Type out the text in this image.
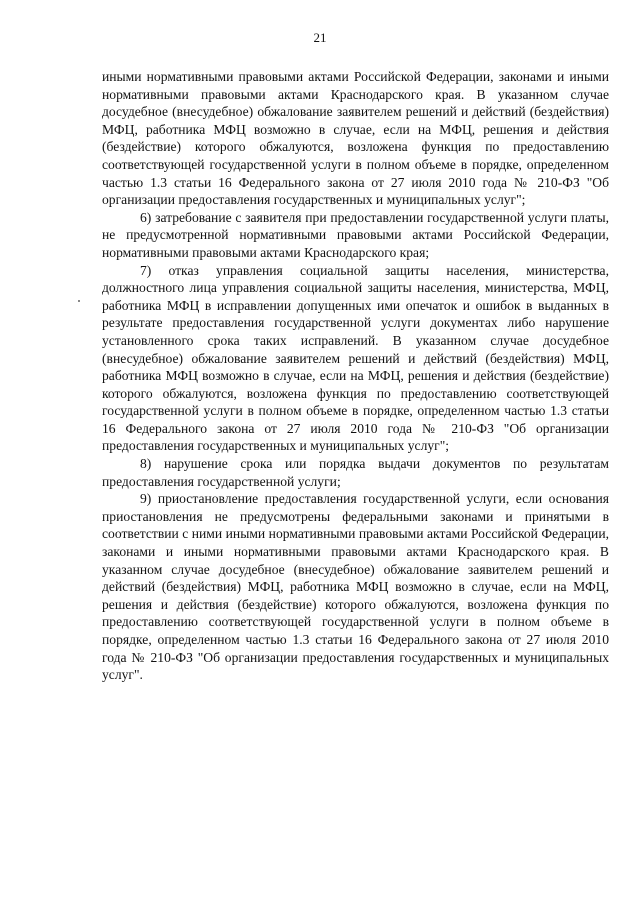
21

иными нормативными правовыми актами Российской Федерации, законами и иными нормативными правовыми актами Краснодарского края. В указанном случае досудебное (внесудебное) обжалование заявителем решений и действий (бездействия) МФЦ, работника МФЦ возможно в случае, если на МФЦ, решения и действия (бездействие) которого обжалуются, возложена функция по предоставлению соответствующей государственной услуги в полном объеме в порядке, определенном частью 1.3 статьи 16 Федерального закона от 27 июля 2010 года № 210-ФЗ "Об организации предоставления государственных и муниципальных услуг";

6) затребование с заявителя при предоставлении государственной услуги платы, не предусмотренной нормативными правовыми актами Российской Федерации, нормативными правовыми актами Краснодарского края;

7) отказ управления социальной защиты населения, министерства, должностного лица управления социальной защиты населения, министерства, МФЦ, работника МФЦ в исправлении допущенных ими опечаток и ошибок в выданных в результате предоставления государственной услуги документах либо нарушение установленного срока таких исправлений. В указанном случае досудебное (внесудебное) обжалование заявителем решений и действий (бездействия) МФЦ, работника МФЦ возможно в случае, если на МФЦ, решения и действия (бездействие) которого обжалуются, возложена функция по предоставлению соответствующей государственной услуги в полном объеме в порядке, определенном частью 1.3 статьи 16 Федерального закона от 27 июля 2010 года № 210-ФЗ "Об организации предоставления государственных и муниципальных услуг";

8) нарушение срока или порядка выдачи документов по результатам предоставления государственной услуги;

9) приостановление предоставления государственной услуги, если основания приостановления не предусмотрены федеральными законами и принятыми в соответствии с ними иными нормативными правовыми актами Российской Федерации, законами и иными нормативными правовыми актами Краснодарского края. В указанном случае досудебное (внесудебное) обжалование заявителем решений и действий (бездействия) МФЦ, работника МФЦ возможно в случае, если на МФЦ, решения и действия (бездействие) которого обжалуются, возложена функция по предоставлению соответствующей государственной услуги в полном объеме в порядке, определенном частью 1.3 статьи 16 Федерального закона от 27 июля 2010 года № 210-ФЗ "Об организации предоставления государственных и муниципальных услуг".
